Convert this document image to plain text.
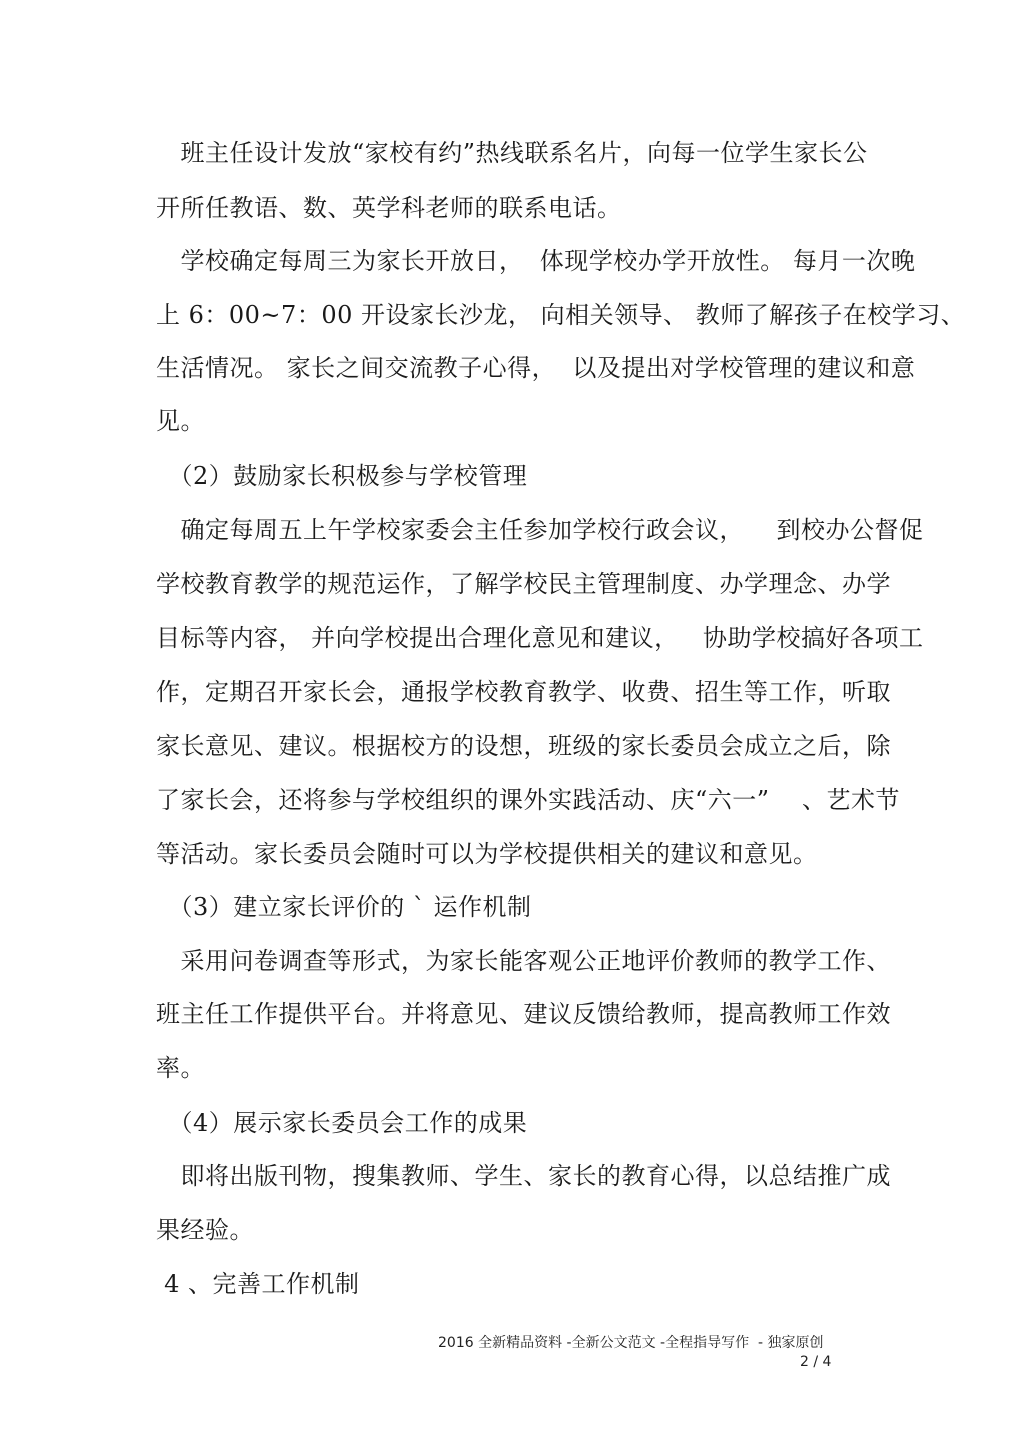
　班主任设计发放“家校有约”热线联系名片，向每一位学生家长公
开所任教语、数、英学科老师的联系电话。
　学校确定每周三为家长开放日，  体现学校办学开放性。 每月一次晚
上 6：00~7：00 开设家长沙龙， 向相关领导、 教师了解孩子在校学习、
生活情况。 家长之间交流教子心得，  以及提出对学校管理的建议和意
见。
　（2）鼓励家长积极参与学校管理
　确定每周五上午学校家委会主任参加学校行政会议，    到校办公督促
学校教育教学的规范运作，了解学校民主管理制度、办学理念、办学
目标等内容， 并向学校提出合理化意见和建议，   协助学校搞好各项工
作，定期召开家长会，通报学校教育教学、收费、招生等工作，听取
家长意见、建议。根据校方的设想，班级的家长委员会成立之后，除
了家长会，还将参与学校组织的课外实践活动、庆“六一”    、艺术节
等活动。家长委员会随时可以为学校提供相关的建议和意见。
　（3）建立家长评价的 ` 运作机制
　采用问卷调查等形式，为家长能客观公正地评价教师的教学工作、
班主任工作提供平台。并将意见、建议反馈给教师，提高教师工作效
率。
　（4）展示家长委员会工作的成果
　即将出版刊物，搜集教师、学生、家长的教育心得，以总结推广成
果经验。
4 、完善工作机制
2016 全新精品资料 -全新公文范文 -全程指导写作  - 独家原创
2 / 4
